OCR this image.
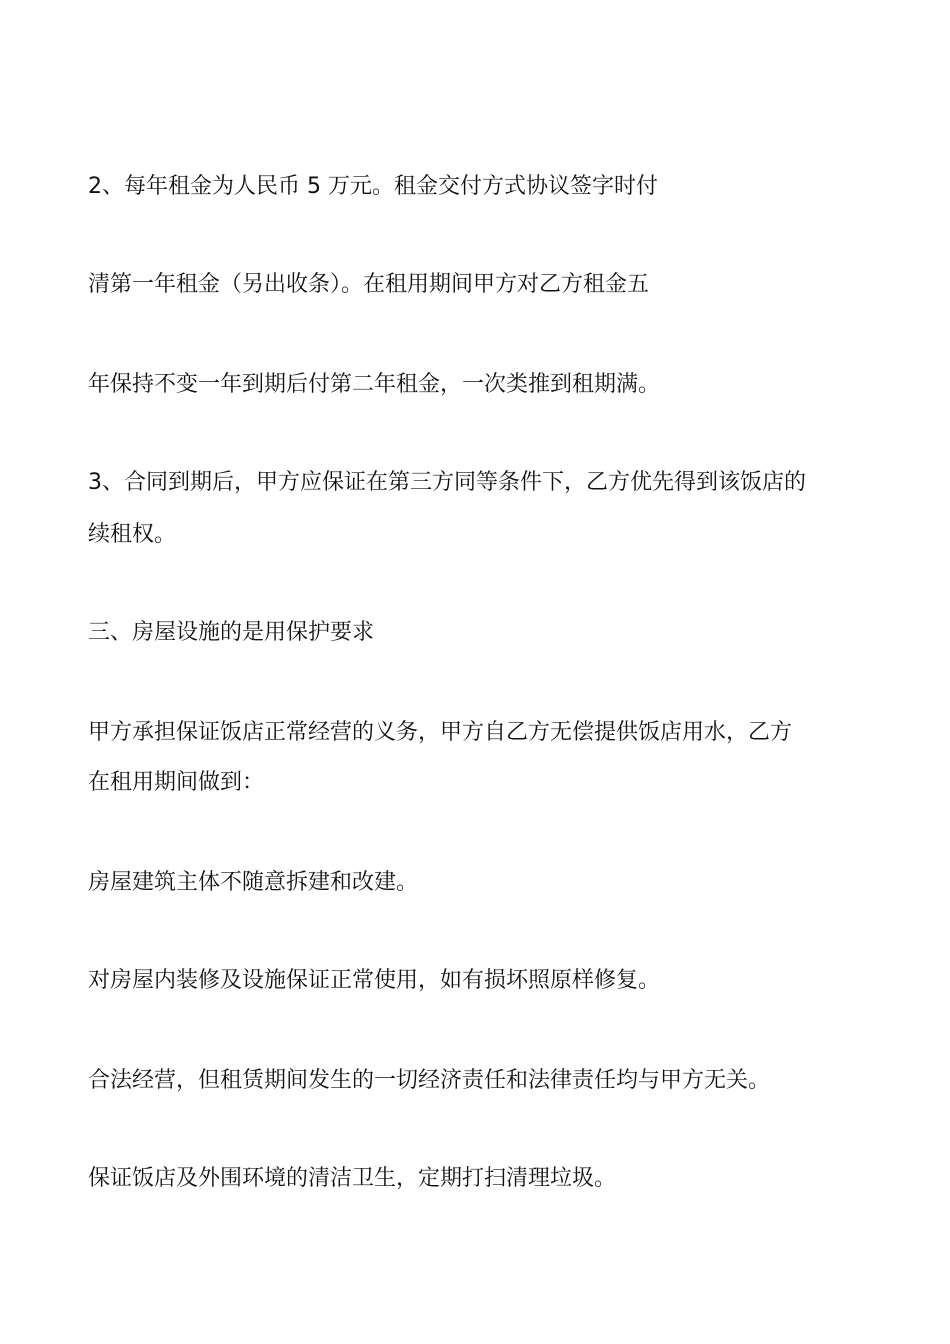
2、每年租金为人民币 5 万元。租金交付方式协议签字时付
清第一年租金（另出收条）。在租用期间甲方对乙方租金五
年保持不变一年到期后付第二年租金，一次类推到租期满。
3、合同到期后，甲方应保证在第三方同等条件下，乙方优先得到该饭店的
续租权。
三、房屋设施的是用保护要求
甲方承担保证饭店正常经营的义务，甲方自乙方无偿提供饭店用水，乙方
在租用期间做到：
房屋建筑主体不随意拆建和改建。
对房屋内装修及设施保证正常使用，如有损坏照原样修复。
合法经营，但租赁期间发生的一切经济责任和法律责任均与甲方无关。
保证饭店及外围环境的清洁卫生，定期打扫清理垃圾。
